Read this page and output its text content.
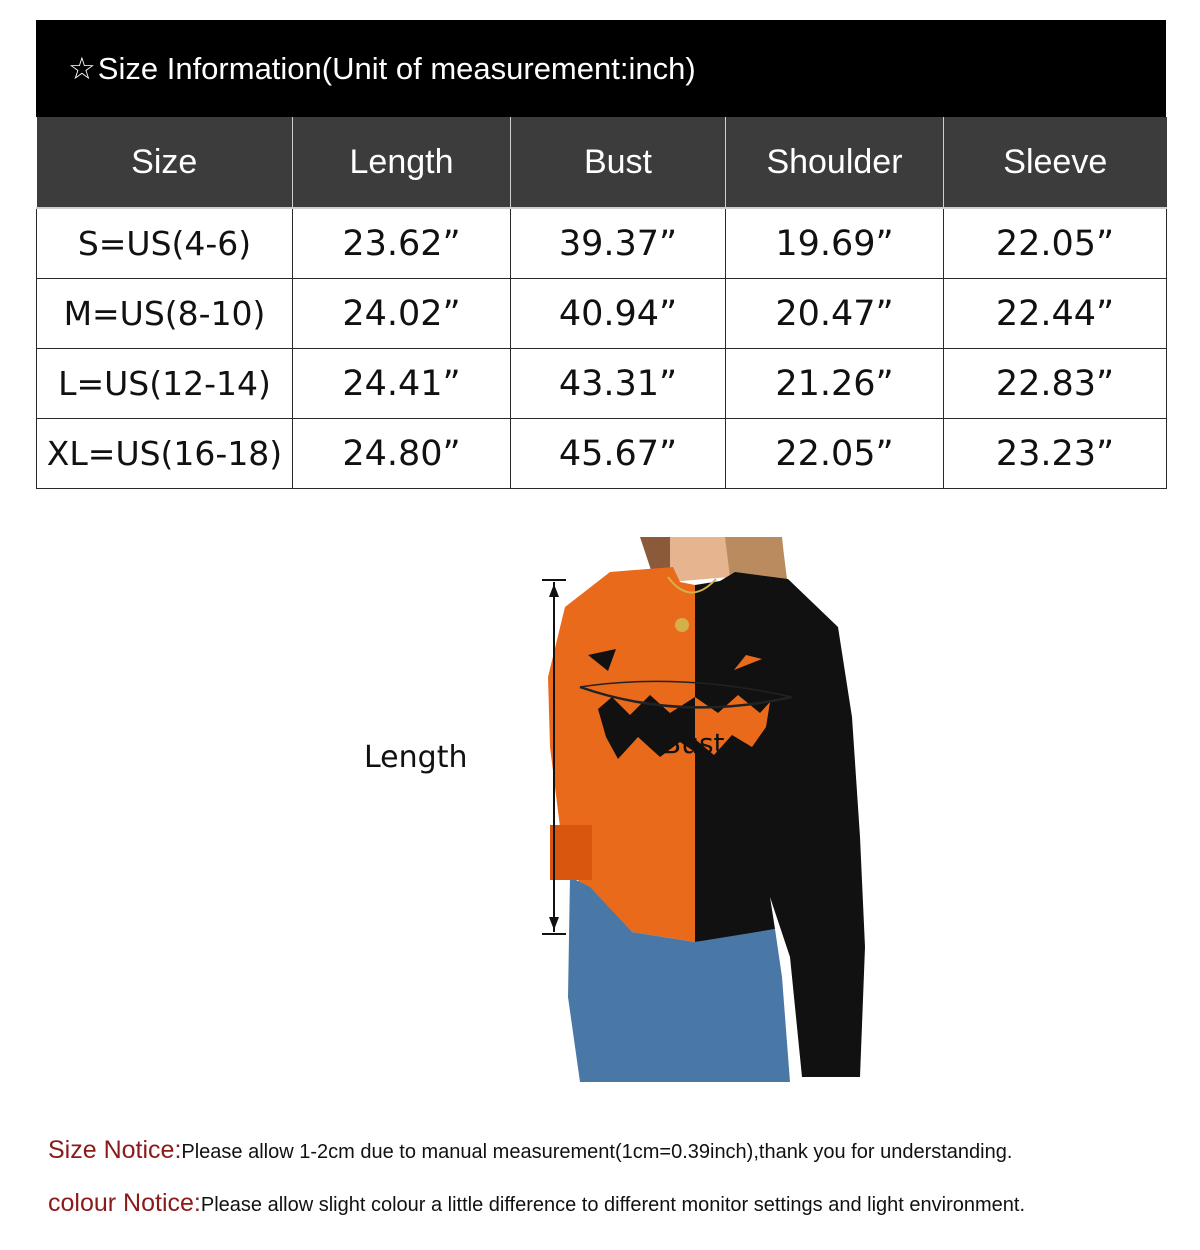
☆ Size Information(Unit of measurement:inch)
Size	Length	Bust	Shoulder	Sleeve
S=US(4-6)	23.62”	39.37”	19.69”	22.05”
M=US(8-10)	24.02”	40.94”	20.47”	22.44”
L=US(12-14)	24.41”	43.31”	21.26”	22.83”
XL=US(16-18)	24.80”	45.67”	22.05”	23.23”
Length	Bust
Size Notice:Please allow 1-2cm due to manual measurement(1cm=0.39inch),thank you for understanding.
colour Notice:Please allow slight colour a little difference to different monitor settings and light environment.
